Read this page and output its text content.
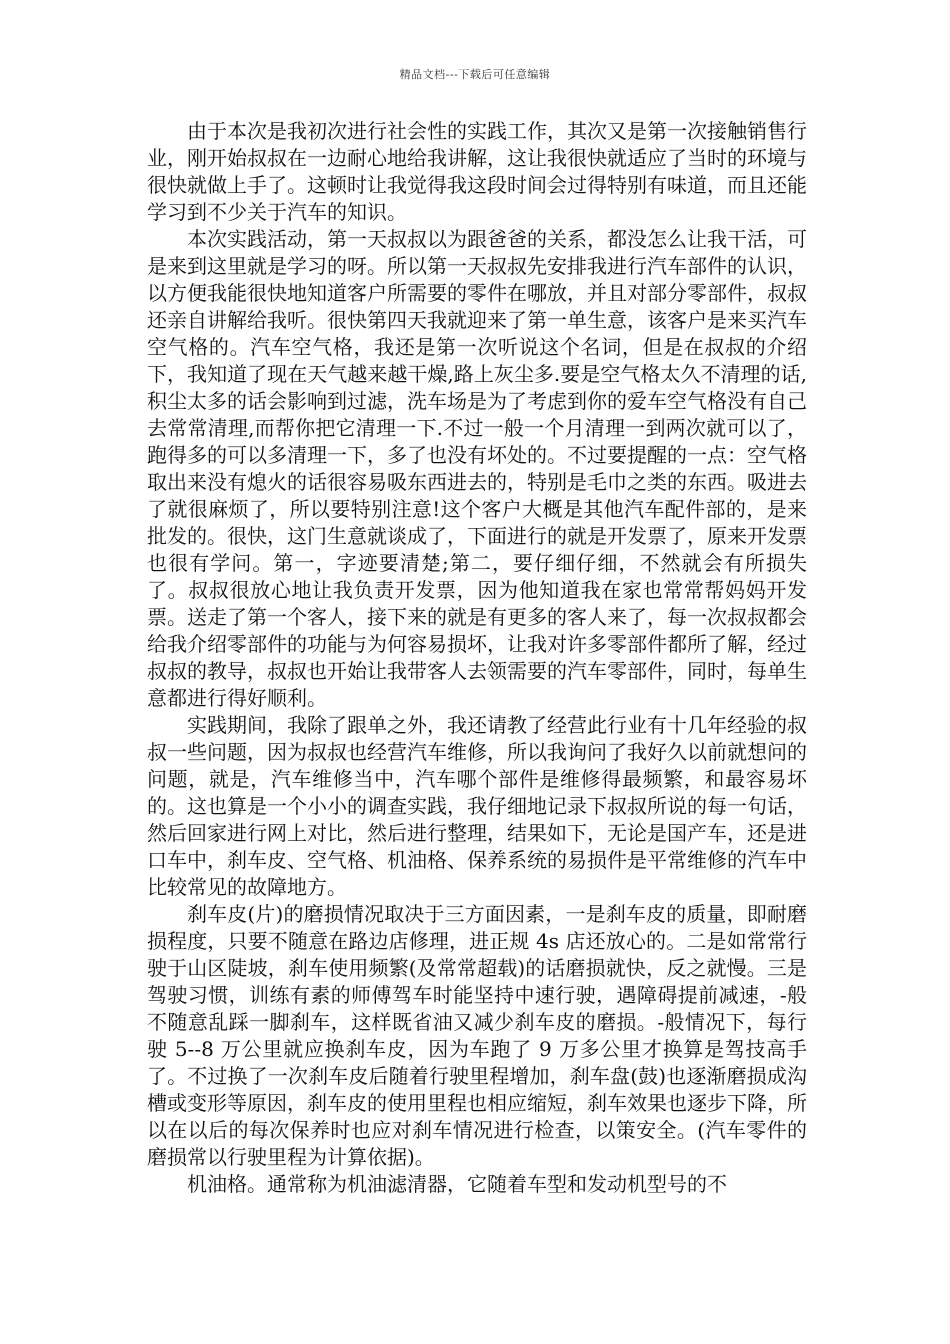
精品文档---下载后可任意编辑

由于本次是我初次进行社会性的实践工作，其次又是第一次接触销售行业，刚开始叔叔在一边耐心地给我讲解，这让我很快就适应了当时的环境与很快就做上手了。这顿时让我觉得我这段时间会过得特别有味道，而且还能学习到不少关于汽车的知识。

本次实践活动，第一天叔叔以为跟爸爸的关系，都没怎么让我干活，可是来到这里就是学习的呀。所以第一天叔叔先安排我进行汽车部件的认识，以方便我能很快地知道客户所需要的零件在哪放，并且对部分零部件，叔叔还亲自讲解给我听。很快第四天我就迎来了第一单生意，该客户是来买汽车空气格的。汽车空气格，我还是第一次听说这个名词，但是在叔叔的介绍下，我知道了现在天气越来越干燥,路上灰尘多.要是空气格太久不清理的话,积尘太多的话会影响到过滤，洗车场是为了考虑到你的爱车空气格没有自己去常常清理,而帮你把它清理一下.不过一般一个月清理一到两次就可以了，跑得多的可以多清理一下，多了也没有坏处的。不过要提醒的一点：空气格取出来没有熄火的话很容易吸东西进去的，特别是毛巾之类的东西。吸进去了就很麻烦了，所以要特别注意!这个客户大概是其他汽车配件部的，是来批发的。很快，这门生意就谈成了，下面进行的就是开发票了，原来开发票也很有学问。第一，字迹要清楚;第二，要仔细仔细，不然就会有所损失了。叔叔很放心地让我负责开发票，因为他知道我在家也常常帮妈妈开发票。送走了第一个客人，接下来的就是有更多的客人来了，每一次叔叔都会给我介绍零部件的功能与为何容易损坏，让我对许多零部件都所了解，经过叔叔的教导，叔叔也开始让我带客人去领需要的汽车零部件，同时，每单生意都进行得好顺利。

实践期间，我除了跟单之外，我还请教了经营此行业有十几年经验的叔叔一些问题，因为叔叔也经营汽车维修，所以我询问了我好久以前就想问的问题，就是，汽车维修当中，汽车哪个部件是维修得最频繁，和最容易坏的。这也算是一个小小的调查实践，我仔细地记录下叔叔所说的每一句话，然后回家进行网上对比，然后进行整理，结果如下，无论是国产车，还是进口车中，刹车皮、空气格、机油格、保养系统的易损件是平常维修的汽车中比较常见的故障地方。

刹车皮(片)的磨损情况取决于三方面因素，一是刹车皮的质量，即耐磨损程度，只要不随意在路边店修理，进正规 4s 店还放心的。二是如常常行驶于山区陡坡，刹车使用频繁(及常常超载)的话磨损就快，反之就慢。三是驾驶习惯，训练有素的师傅驾车时能坚持中速行驶，遇障碍提前减速，-般不随意乱踩一脚刹车，这样既省油又减少刹车皮的磨损。-般情况下，每行驶 5--8 万公里就应换刹车皮，因为车跑了 9 万多公里才换算是驾技高手了。不过换了一次刹车皮后随着行驶里程增加，刹车盘(鼓)也逐渐磨损成沟槽或变形等原因，刹车皮的使用里程也相应缩短，刹车效果也逐步下降，所以在以后的每次保养时也应对刹车情况进行检查，以策安全。(汽车零件的磨损常以行驶里程为计算依据)。

机油格。通常称为机油滤清器，它随着车型和发动机型号的不
